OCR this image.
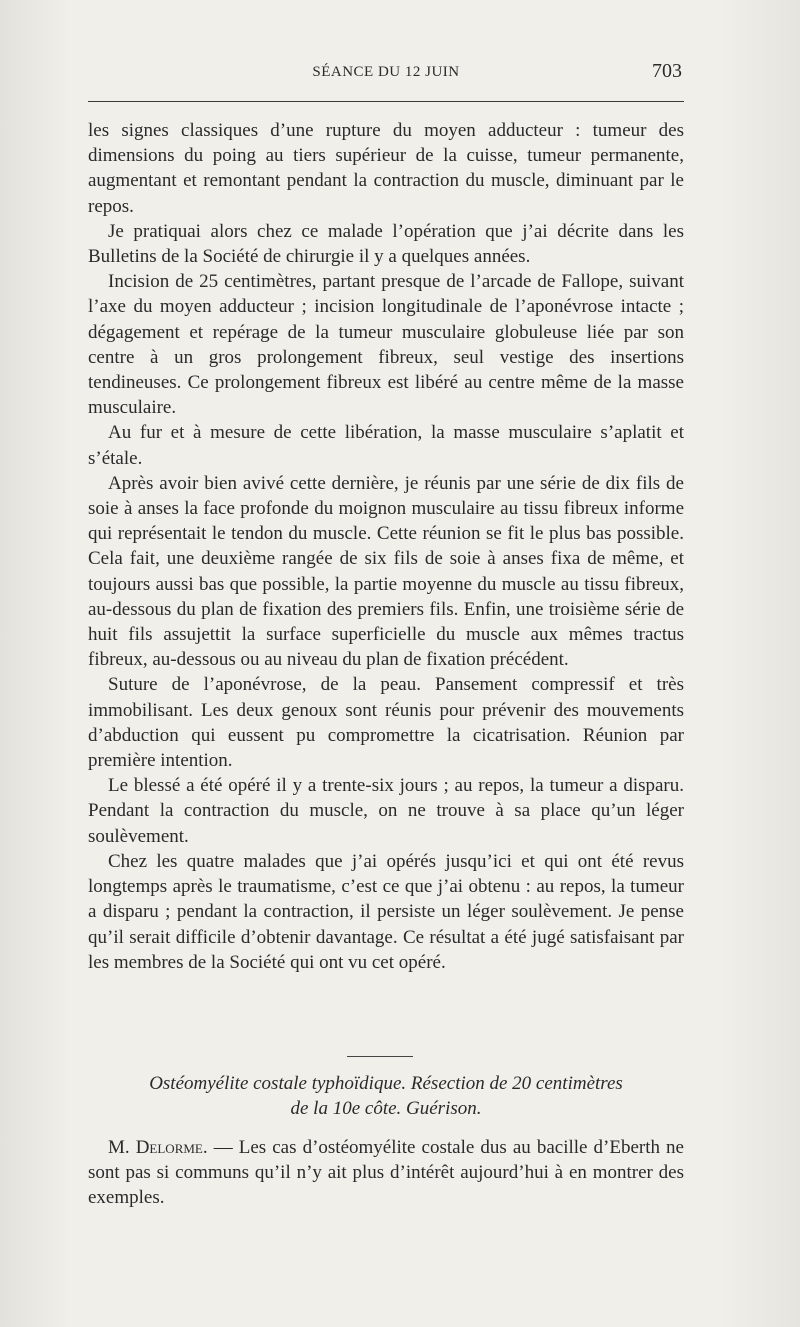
SÉANCE DU 12 JUIN	703

les signes classiques d’une rupture du moyen adducteur : tumeur des dimensions du poing au tiers supérieur de la cuisse, tumeur permanente, augmentant et remontant pendant la contraction du muscle, diminuant par le repos.

Je pratiquai alors chez ce malade l’opération que j’ai décrite dans les Bulletins de la Société de chirurgie il y a quelques années.

Incision de 25 centimètres, partant presque de l’arcade de Fallope, suivant l’axe du moyen adducteur ; incision longitudinale de l’aponévrose intacte ; dégagement et repérage de la tumeur musculaire globuleuse liée par son centre à un gros prolongement fibreux, seul vestige des insertions tendineuses. Ce prolongement fibreux est libéré au centre même de la masse musculaire.

Au fur et à mesure de cette libération, la masse musculaire s’aplatit et s’étale.

Après avoir bien avivé cette dernière, je réunis par une série de dix fils de soie à anses la face profonde du moignon musculaire au tissu fibreux informe qui représentait le tendon du muscle. Cette réunion se fit le plus bas possible. Cela fait, une deuxième rangée de six fils de soie à anses fixa de même, et toujours aussi bas que possible, la partie moyenne du muscle au tissu fibreux, au-dessous du plan de fixation des premiers fils. Enfin, une troisième série de huit fils assujettit la surface superficielle du muscle aux mêmes tractus fibreux, au-dessous ou au niveau du plan de fixation précédent.

Suture de l’aponévrose, de la peau. Pansement compressif et très immobilisant. Les deux genoux sont réunis pour prévenir des mouvements d’abduction qui eussent pu compromettre la cicatrisation. Réunion par première intention.

Le blessé a été opéré il y a trente-six jours ; au repos, la tumeur a disparu. Pendant la contraction du muscle, on ne trouve à sa place qu’un léger soulèvement.

Chez les quatre malades que j’ai opérés jusqu’ici et qui ont été revus longtemps après le traumatisme, c’est ce que j’ai obtenu : au repos, la tumeur a disparu ; pendant la contraction, il persiste un léger soulèvement. Je pense qu’il serait difficile d’obtenir davantage. Ce résultat a été jugé satisfaisant par les membres de la Société qui ont vu cet opéré.

Ostéomyélite costale typhoïdique. Résection de 20 centimètres
de la 10e côte. Guérison.

M. Delorme. — Les cas d’ostéomyélite costale dus au bacille d’Eberth ne sont pas si communs qu’il n’y ait plus d’intérêt aujourd’hui à en montrer des exemples.
